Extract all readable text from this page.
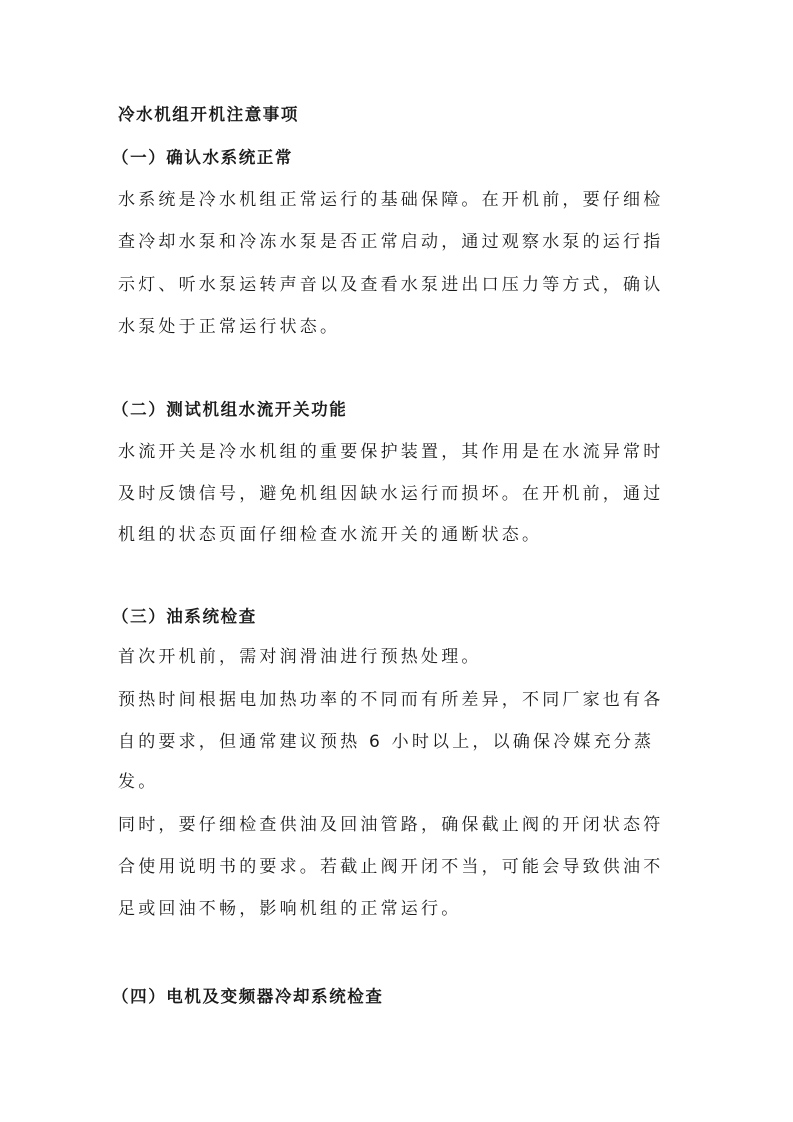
冷水机组开机注意事项
（一）确认水系统正常
水系统是冷水机组正常运行的基础保障。在开机前，要仔细检
查冷却水泵和冷冻水泵是否正常启动，通过观察水泵的运行指
示灯、听水泵运转声音以及查看水泵进出口压力等方式，确认
水泵处于正常运行状态。
（二）测试机组水流开关功能
水流开关是冷水机组的重要保护装置，其作用是在水流异常时
及时反馈信号，避免机组因缺水运行而损坏。在开机前，通过
机组的状态页面仔细检查水流开关的通断状态。
（三）油系统检查
首次开机前，需对润滑油进行预热处理。
预热时间根据电加热功率的不同而有所差异，不同厂家也有各
自的要求，但通常建议预热 6 小时以上，以确保冷媒充分蒸
发。
同时，要仔细检查供油及回油管路，确保截止阀的开闭状态符
合使用说明书的要求。若截止阀开闭不当，可能会导致供油不
足或回油不畅，影响机组的正常运行。
（四）电机及变频器冷却系统检查
